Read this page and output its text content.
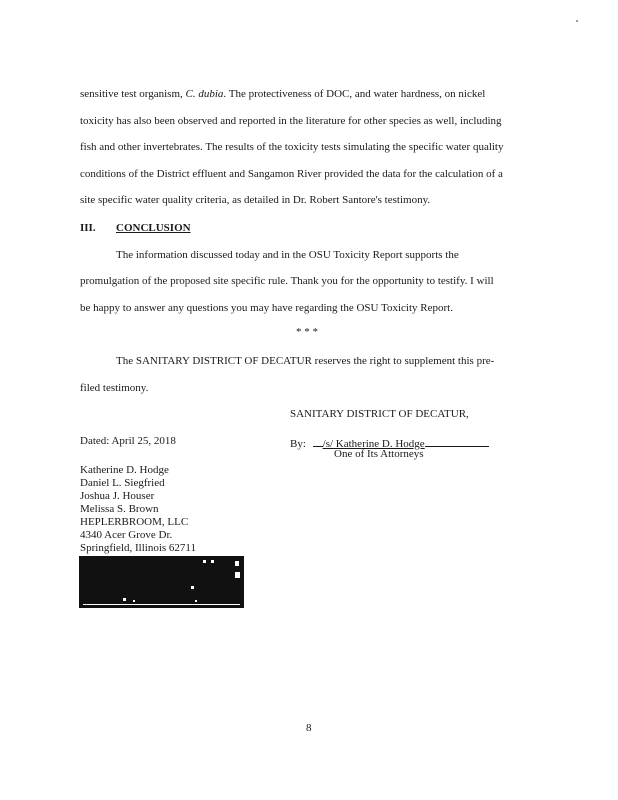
sensitive test organism, C. dubia. The protectiveness of DOC, and water hardness, on nickel
toxicity has also been observed and reported in the literature for other species as well, including
fish and other invertebrates. The results of the toxicity tests simulating the specific water quality
conditions of the District effluent and Sangamon River provided the data for the calculation of a
site specific water quality criteria, as detailed in Dr. Robert Santore's testimony.
III. CONCLUSION
The information discussed today and in the OSU Toxicity Report supports the
promulgation of the proposed site specific rule. Thank you for the opportunity to testify. I will
be happy to answer any questions you may have regarding the OSU Toxicity Report.
* * *
The SANITARY DISTRICT OF DECATUR reserves the right to supplement this pre-
filed testimony.
SANITARY DISTRICT OF DECATUR,
Dated: April 25, 2018	By: /s/ Katherine D. Hodge
One of Its Attorneys
Katherine D. Hodge
Daniel L. Siegfried
Joshua J. Houser
Melissa S. Brown
HEPLERBROOM, LLC
4340 Acer Grove Dr.
Springfield, Illinois 62711
8
